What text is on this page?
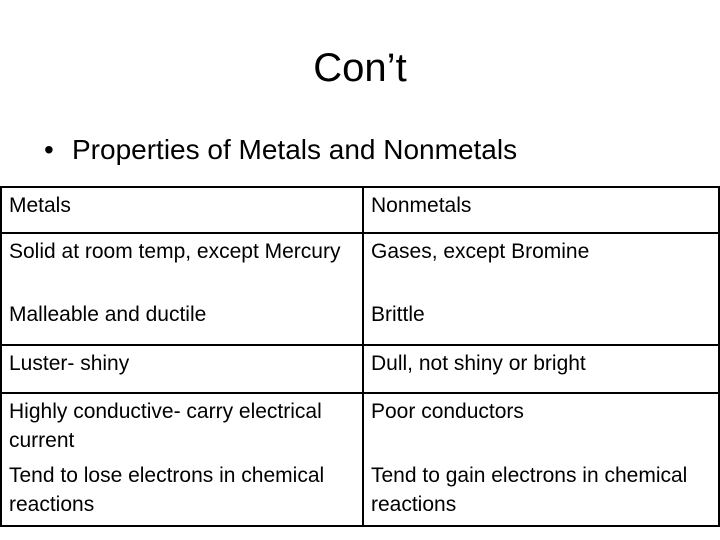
Con’t
• Properties of Metals and Nonmetals
Metals	Nonmetals
Solid at room temp, except Mercury	Gases, except Bromine
Malleable and ductile	Brittle
Luster- shiny	Dull, not shiny or bright
Highly conductive- carry electrical current	Poor conductors
Tend to lose electrons in chemical reactions	Tend to gain electrons in chemical reactions
